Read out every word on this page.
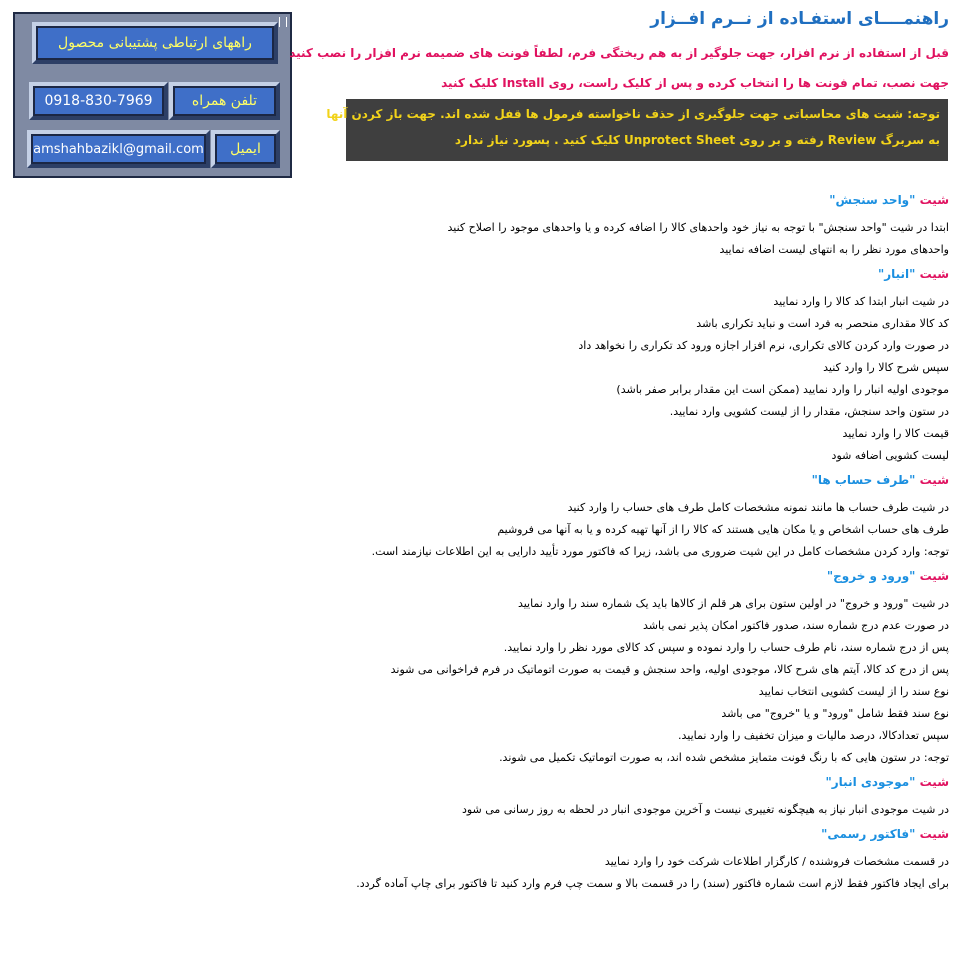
راههای ارتباطی پشتیبانی محصول
0918-830-7969	تلفن همراه
amshahbazikl@gmail.com	ایمیل
راهنمــــای استفـاده از نــرم افــزار
قبل از استفاده از نرم افزار، جهت جلوگیر از به هم ریختگی فرم، لطفاً فونت های ضمیمه نرم افزار را نصب کنید
جهت نصب، تمام فونت ها را انتخاب کرده و پس از کلیک راست، روی Install کلیک کنید
توجه: شیت های محاسباتی جهت جلوگیری از حذف ناخواسته فرمول ها قفل شده اند. جهت باز کردن آنها
به سربرگ Review رفته و بر روی Unprotect Sheet کلیک کنید . پسورد نیاز ندارد
شیت "واحد سنجش"
ابتدا در شیت "واحد سنجش" با توجه به نیاز خود واحدهای کالا را اضافه کرده و یا واحدهای موجود را اصلاح کنید
واحدهای مورد نظر را به انتهای لیست اضافه نمایید
شیت "انبار"
در شیت انبار ابتدا کد کالا را وارد نمایید
کد کالا مقداری منحصر به فرد است و نباید تکراری باشد
در صورت وارد کردن کالای تکراری، نرم افزار اجازه ورود کد تکراری را نخواهد داد
سپس شرح کالا را وارد کنید
موجودی اولیه انبار را وارد نمایید (ممکن است این مقدار برابر صفر باشد)
در ستون واحد سنجش، مقدار را از لیست کشویی وارد نمایید.
قیمت کالا را وارد نمایید
لیست کشویی اضافه شود
شیت "طرف حساب ها"
در شیت طرف حساب ها مانند نمونه مشخصات کامل طرف های حساب را وارد کنید
طرف های حساب اشخاص و یا مکان هایی هستند که کالا را از آنها تهیه کرده و یا به آنها می فروشیم
توجه: وارد کردن مشخصات کامل در این شیت ضروری می باشد، زیرا که فاکتور مورد تأیید دارایی به این اطلاعات نیازمند است.
شیت "ورود و خروج"
در شیت "ورود و خروج" در اولین ستون برای هر قلم از کالاها باید یک شماره سند را وارد نمایید
در صورت عدم درج شماره سند، صدور فاکتور امکان پذیر نمی باشد
پس از درج شماره سند، نام طرف حساب را وارد نموده و سپس کد کالای مورد نظر را وارد نمایید.
پس از درج کد کالا، آیتم های شرح کالا، موجودی اولیه، واحد سنجش و قیمت به صورت اتوماتیک در فرم فراخوانی می شوند
نوع سند را از لیست کشویی انتخاب نمایید
نوع سند فقط شامل "ورود" و یا "خروج" می باشد
سپس تعدادکالا، درصد مالیات و میزان تخفیف را وارد نمایید.
توجه: در ستون هایی که با رنگ فونت متمایز مشخص شده اند، به صورت اتوماتیک تکمیل می شوند.
شیت "موجودی انبار"
در شیت موجودی انبار نیاز به هیچگونه تغییری نیست و آخرین موجودی انبار در لحظه به روز رسانی می شود
شیت "فاکتور رسمی"
در قسمت مشخصات فروشنده / کارگزار اطلاعات شرکت خود را وارد نمایید
برای ایجاد فاکتور فقط لازم است شماره فاکتور (سند) را در قسمت بالا و سمت چپ فرم وارد کنید تا فاکتور برای چاپ آماده گردد.
